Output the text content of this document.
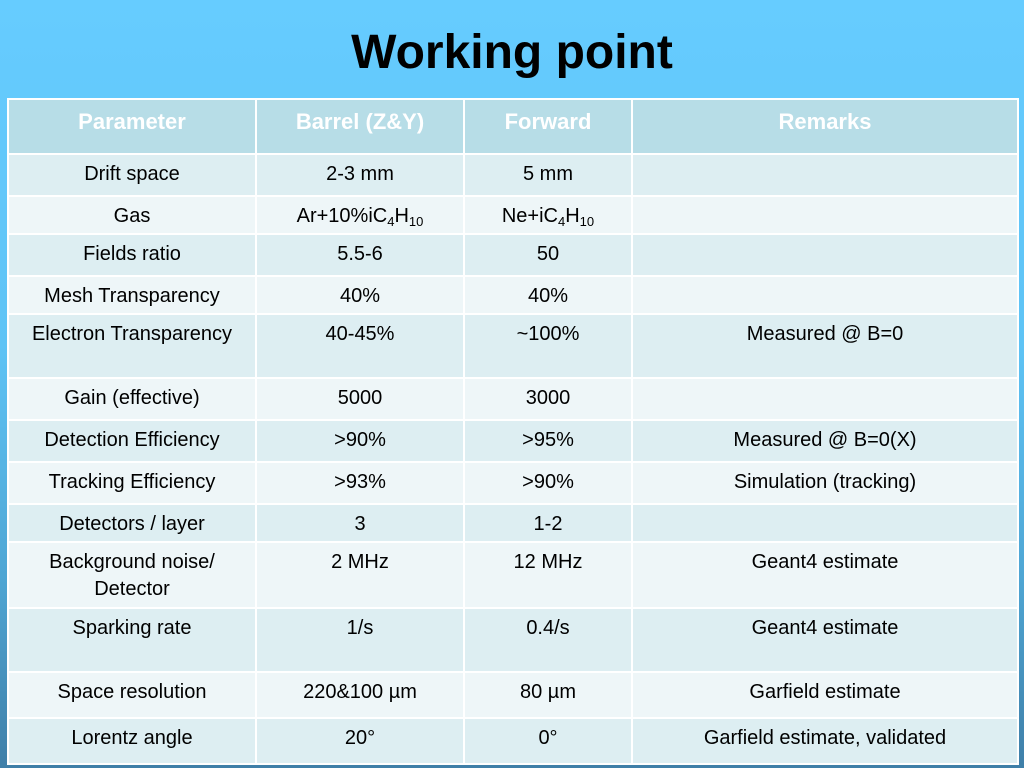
Working point
Parameter	Barrel (Z&Y)	Forward	Remarks
Drift space	2-3 mm	5 mm	
Gas	$Ar+10\%iC_4H_{10}$	$Ne+iC_4H_{10}$	
Fields ratio	5.5-6	50	
Mesh Transparency	40%	40%	
Electron Transparency	40-45%	~100%	Measured @ B=0
Gain (effective)	5000	3000	
Detection Efficiency	>90%	>95%	Measured @ B=0(X)
Tracking Efficiency	>93%	>90%	Simulation (tracking)
Detectors / layer	3	1-2	
Background noise/ Detector	2 MHz	12 MHz	Geant4 estimate
Sparking rate	1/s	0.4/s	Geant4 estimate
Space resolution	220&100 µm	80 µm	Garfield estimate
Lorentz angle	20°	0°	Garfield estimate, validated
